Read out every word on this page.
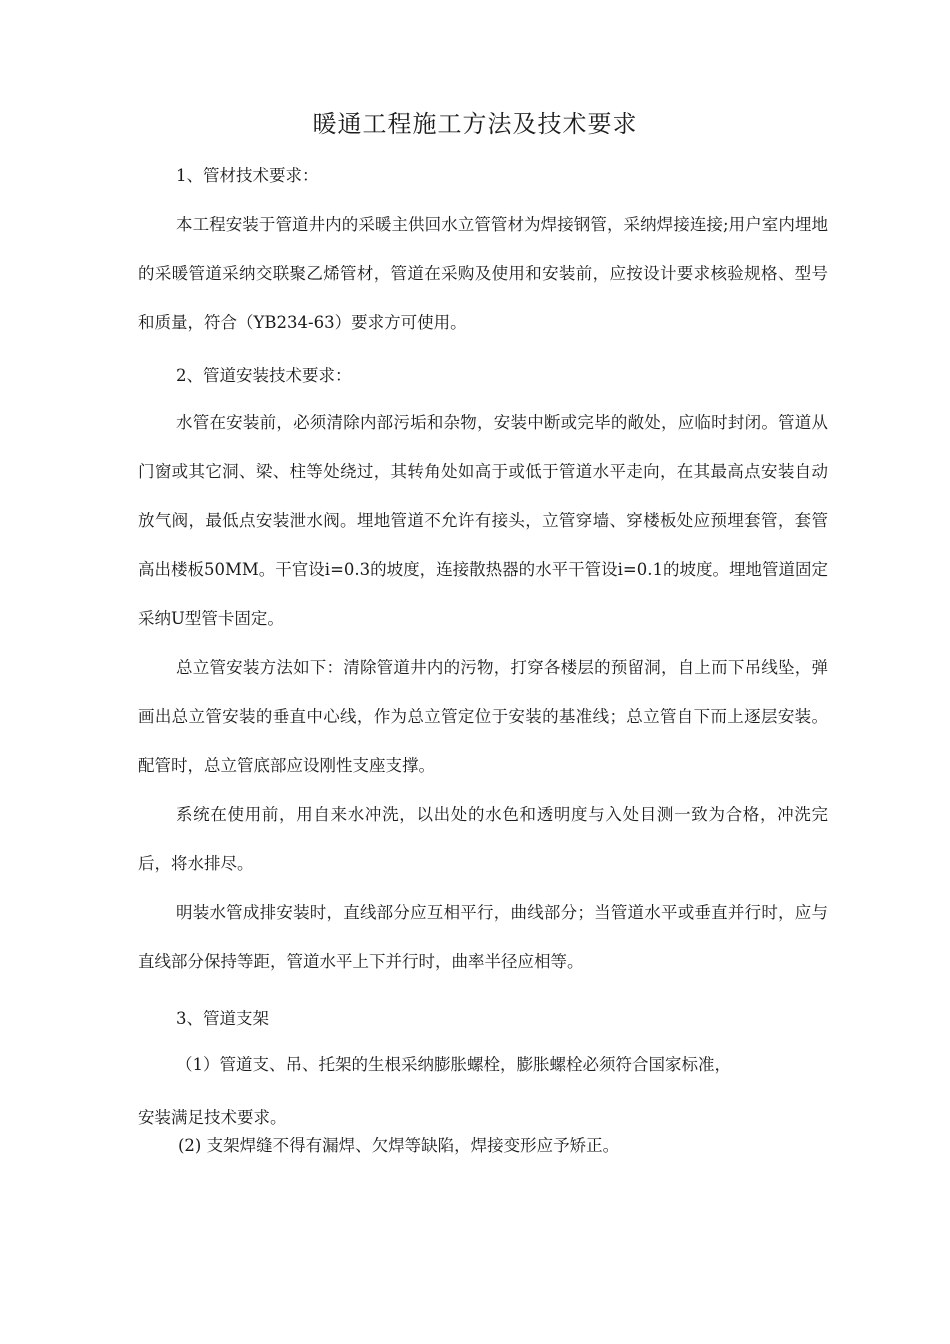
暖通工程施工方法及技术要求
1、管材技术要求：
本工程安装于管道井内的采暖主供回水立管管材为焊接钢管，采纳焊接连接;用户室内埋地的采暖管道采纳交联聚乙烯管材，管道在采购及使用和安装前，应按设计要求核验规格、型号和质量，符合（YB234-63）要求方可使用。
2、管道安装技术要求：
水管在安装前，必须清除内部污垢和杂物，安装中断或完毕的敞处，应临时封闭。管道从门窗或其它洞、梁、柱等处绕过，其转角处如高于或低于管道水平走向，在其最高点安装自动放气阀，最低点安装泄水阀。埋地管道不允许有接头，立管穿墙、穿楼板处应预埋套管，套管高出楼板50MM。干官设i=0.3的坡度，连接散热器的水平干管设i=0.1的坡度。埋地管道固定采纳U型管卡固定。
总立管安装方法如下：清除管道井内的污物，打穿各楼层的预留洞，自上而下吊线坠，弹画出总立管安装的垂直中心线，作为总立管定位于安装的基准线；总立管自下而上逐层安装。配管时，总立管底部应设刚性支座支撑。
系统在使用前，用自来水冲洗，以出处的水色和透明度与入处目测一致为合格，冲洗完后，将水排尽。
明装水管成排安装时，直线部分应互相平行，曲线部分；当管道水平或垂直并行时，应与直线部分保持等距，管道水平上下并行时，曲率半径应相等。
3、管道支架
（1）管道支、吊、托架的生根采纳膨胀螺栓，膨胀螺栓必须符合国家标准，
安装满足技术要求。
(2) 支架焊缝不得有漏焊、欠焊等缺陷，焊接变形应予矫正。
